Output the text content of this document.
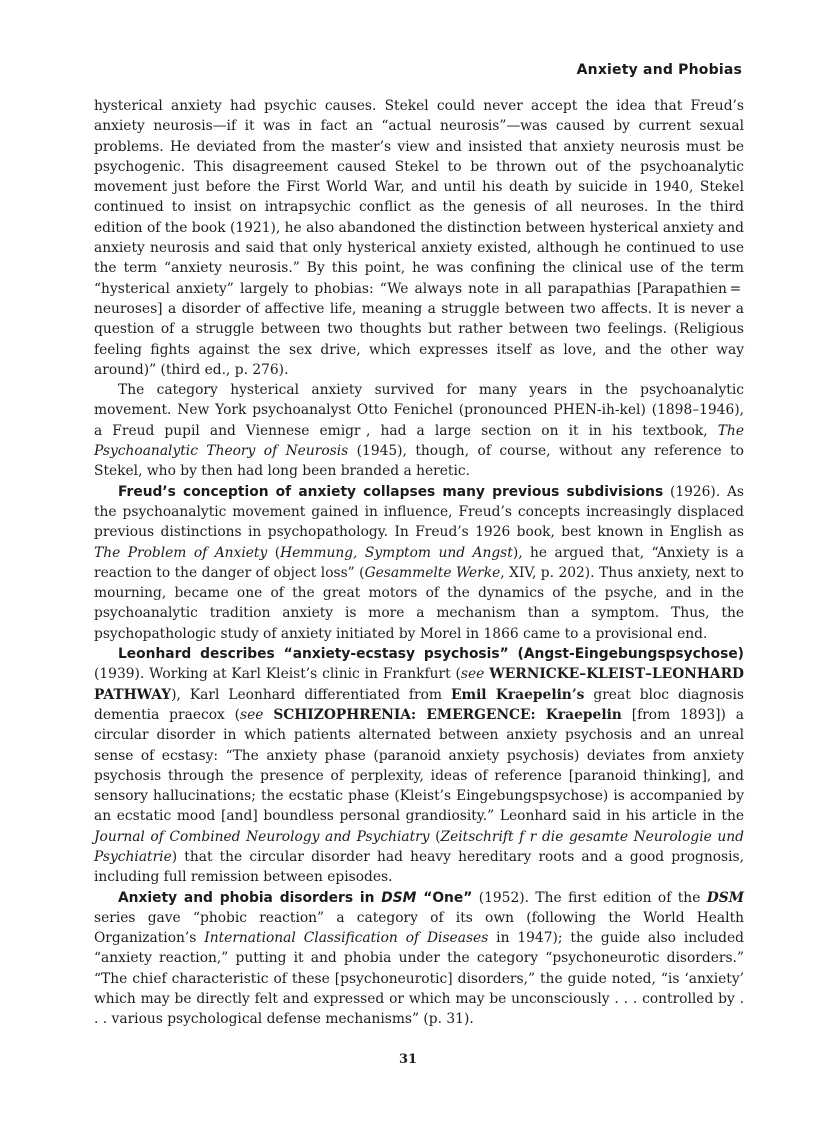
Anxiety and Phobias

hysterical anxiety had psychic causes. Stekel could never accept the idea that Freud’s anxiety neurosis—if it was in fact an “actual neurosis”—was caused by current sexual problems. He deviated from the master’s view and insisted that anxiety neurosis must be psychogenic. This disagreement caused Stekel to be thrown out of the psychoanalytic movement just before the First World War, and until his death by suicide in 1940, Stekel continued to insist on intrapsychic conflict as the genesis of all neuroses. In the third edition of the book (1921), he also abandoned the distinction between hysterical anxiety and anxiety neurosis and said that only hysterical anxiety existed, although he continued to use the term “anxiety neurosis.” By this point, he was confining the clinical use of the term “hysterical anxiety” largely to phobias: “We always note in all parapathias [Parapathien = neuroses] a disorder of affective life, meaning a struggle between two affects. It is never a question of a struggle between two thoughts but rather between two feelings. (Religious feeling fights against the sex drive, which expresses itself as love, and the other way around)” (third ed., p. 276).

The category hysterical anxiety survived for many years in the psychoanalytic movement. New York psychoanalyst Otto Fenichel (pronounced PHEN-ih-kel) (1898–1946), a Freud pupil and Viennese emigr  , had a large section on it in his textbook, The Psychoanalytic Theory of Neurosis (1945), though, of course, without any reference to Stekel, who by then had long been branded a heretic.

Freud’s conception of anxiety collapses many previous subdivisions (1926). As the psychoanalytic movement gained in influence, Freud’s concepts increasingly displaced previous distinctions in psychopathology. In Freud’s 1926 book, best known in English as The Problem of Anxiety (Hemmung, Symptom und Angst), he argued that, “Anxiety is a reaction to the danger of object loss” (Gesammelte Werke, XIV, p. 202). Thus anxiety, next to mourning, became one of the great motors of the dynamics of the psyche, and in the psychoanalytic tradition anxiety is more a mechanism than a symptom. Thus, the psychopathologic study of anxiety initiated by Morel in 1866 came to a provisional end.

Leonhard describes “anxiety-ecstasy psychosis” (Angst-Eingebungspsychose) (1939). Working at Karl Kleist’s clinic in Frankfurt (see WERNICKE–KLEIST–LEONHARD PATHWAY), Karl Leonhard differentiated from Emil Kraepelin’s great bloc diagnosis dementia praecox (see SCHIZOPHRENIA: EMERGENCE: Kraepelin [from 1893]) a circular disorder in which patients alternated between anxiety psychosis and an unreal sense of ecstasy: “The anxiety phase (paranoid anxiety psychosis) deviates from anxiety psychosis through the presence of perplexity, ideas of reference [paranoid thinking], and sensory hallucinations; the ecstatic phase (Kleist’s Eingebungspsychose) is accompanied by an ecstatic mood [and] boundless personal grandiosity.” Leonhard said in his article in the Journal of Combined Neurology and Psychiatry (Zeitschrift f  r die gesamte Neurologie und Psychiatrie) that the circular disorder had heavy hereditary roots and a good prognosis, including full remission between episodes.

Anxiety and phobia disorders in DSM “One” (1952). The first edition of the DSM series gave “phobic reaction” a category of its own (following the World Health Organization’s International Classification of Diseases in 1947); the guide also included “anxiety reaction,” putting it and phobia under the category “psychoneurotic disorders.” “The chief characteristic of these [psychoneurotic] disorders,” the guide noted, “is ‘anxiety’ which may be directly felt and expressed or which may be unconsciously . . . controlled by . . . various psychological defense mechanisms” (p. 31).

31
